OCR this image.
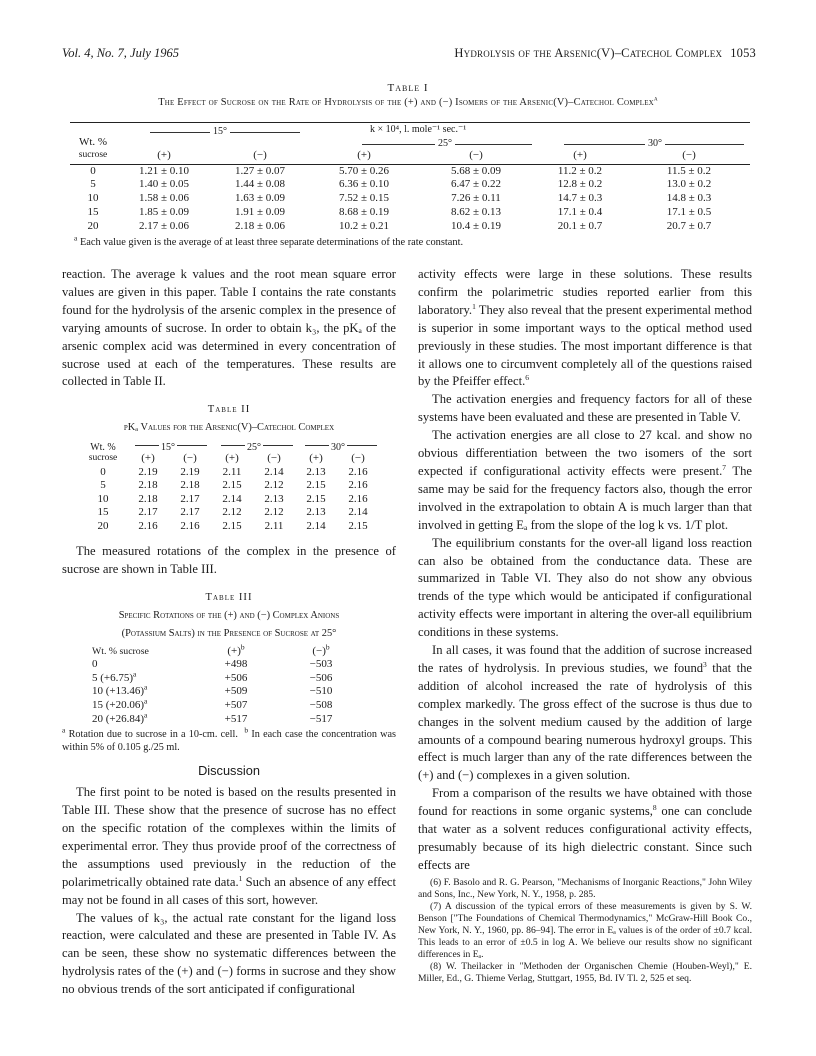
Vol. 4, No. 7, July 1965	Hydrolysis of the Arsenic(V)–Catechol Complex 1053
Table I
The Effect of Sucrose on the Rate of Hydrolysis of the (+) and (−) Isomers of the Arsenic(V)–Catechol Complex$^a$
k × 10⁴, l. mole⁻¹ sec.⁻¹
Wt. %
15°
25°	30°
sucrose	(+)	(−)	(+)	(−)	(+)	(−)
0	1.21 ± 0.10	1.27 ± 0.07	5.70 ± 0.26	5.68 ± 0.09	11.2 ± 0.2	11.5 ± 0.2
5	1.40 ± 0.05	1.44 ± 0.08	6.36 ± 0.10	6.47 ± 0.22	12.8 ± 0.2	13.0 ± 0.2
10	1.58 ± 0.06	1.63 ± 0.09	7.52 ± 0.15	7.26 ± 0.11	14.7 ± 0.3	14.8 ± 0.3
15	1.85 ± 0.09	1.91 ± 0.09	8.68 ± 0.19	8.62 ± 0.13	17.1 ± 0.4	17.1 ± 0.5
20	2.17 ± 0.06	2.18 ± 0.06	10.2 ± 0.21	10.4 ± 0.19	20.1 ± 0.7	20.7 ± 0.7
$^a$ Each value given is the average of at least three separate determinations of the rate constant.

reaction. The average k values and the root mean square error values are given in this paper. Table I contains the rate constants found for the hydrolysis of the arsenic complex in the presence of varying amounts of sucrose. In order to obtain k₃, the pKₐ of the arsenic complex acid was determined in every concentration of sucrose used at each of the temperatures. These results are collected in Table II.

Table II
pKₐ Values for the Arsenic(V)–Catechol Complex
Wt. %	15°	25°	30°
sucrose	(+)	(−)	(+)	(−)	(+)	(−)
0	2.19	2.19	2.11	2.14	2.13	2.16
5	2.18	2.18	2.15	2.12	2.15	2.16
10	2.18	2.17	2.14	2.13	2.15	2.16
15	2.17	2.17	2.12	2.12	2.13	2.14
20	2.16	2.16	2.15	2.11	2.14	2.15

The measured rotations of the complex in the presence of sucrose are shown in Table III.

Table III
Specific Rotations of the (+) and (−) Complex Anions
(Potassium Salts) in the Presence of Sucrose at 25°
Wt. % sucrose	$(+)^b$	$(-)^b$
0	+498	−503
5 $(+6.75)^a$	+506	−506
10 $(+13.46)^a$	+509	−510
15 $(+20.06)^a$	+507	−508
20 $(+26.84)^a$	+517	−517
$^a$ Rotation due to sucrose in a 10-cm. cell. $^b$ In each case the concentration was within 5% of 0.105 g./25 ml.
Discussion

The first point to be noted is based on the results presented in Table III. These show that the presence of sucrose has no effect on the specific rotation of the complexes within the limits of experimental error. They thus provide proof of the correctness of the assumptions used previously in the reduction of the polarimetrically obtained rate data.$^1$ Such an absence of any effect may not be found in all cases of this sort, however.

The values of k₃, the actual rate constant for the ligand loss reaction, were calculated and these are presented in Table IV. As can be seen, these show no systematic differences between the hydrolysis rates of the (+) and (−) forms in sucrose and they show no obvious trends of the sort anticipated if configurational

activity effects were large in these solutions. These results confirm the polarimetric studies reported earlier from this laboratory.$^1$ They also reveal that the present experimental method is superior in some important ways to the optical method used previously in these studies. The most important difference is that it allows one to circumvent completely all of the questions raised by the Pfeiffer effect.$^6$

The activation energies and frequency factors for all of these systems have been evaluated and these are presented in Table V.

The activation energies are all close to 27 kcal. and show no obvious differentiation between the two isomers of the sort expected if configurational activity effects were present.$^7$ The same may be said for the frequency factors also, though the error involved in the extrapolation to obtain A is much larger than that involved in getting Eₐ from the slope of the log k vs. 1/T plot.

The equilibrium constants for the over-all ligand loss reaction can also be obtained from the conductance data. These are summarized in Table VI. They also do not show any obvious trends of the type which would be anticipated if configurational activity effects were important in altering the over-all equilibrium conditions in these systems.

In all cases, it was found that the addition of sucrose increased the rates of hydrolysis. In previous studies, we found$^3$ that the addition of alcohol increased the rate of hydrolysis of this complex markedly. The gross effect of the sucrose is thus due to changes in the solvent medium caused by the addition of large amounts of a compound bearing numerous hydroxyl groups. This effect is much larger than any of the rate differences between the (+) and (−) complexes in a given solution.

From a comparison of the results we have obtained with those found for reactions in some organic systems,$^8$ one can conclude that water as a solvent reduces configurational activity effects, presumably because of its high dielectric constant. Since such effects are

(6) F. Basolo and R. G. Pearson, "Mechanisms of Inorganic Reactions," John Wiley and Sons, Inc., New York, N. Y., 1958, p. 285.

(7) A discussion of the typical errors of these measurements is given by S. W. Benson ["The Foundations of Chemical Thermodynamics," McGraw-Hill Book Co., New York, N. Y., 1960, pp. 86–94]. The error in Eₐ values is of the order of ±0.7 kcal. This leads to an error of ±0.5 in log A. We believe our results show no significant differences in Eₐ.

(8) W. Theilacker in "Methoden der Organischen Chemie (Houben-Weyl)," E. Miller, Ed., G. Thieme Verlag, Stuttgart, 1955, Bd. IV Tl. 2, 525 et seq.
